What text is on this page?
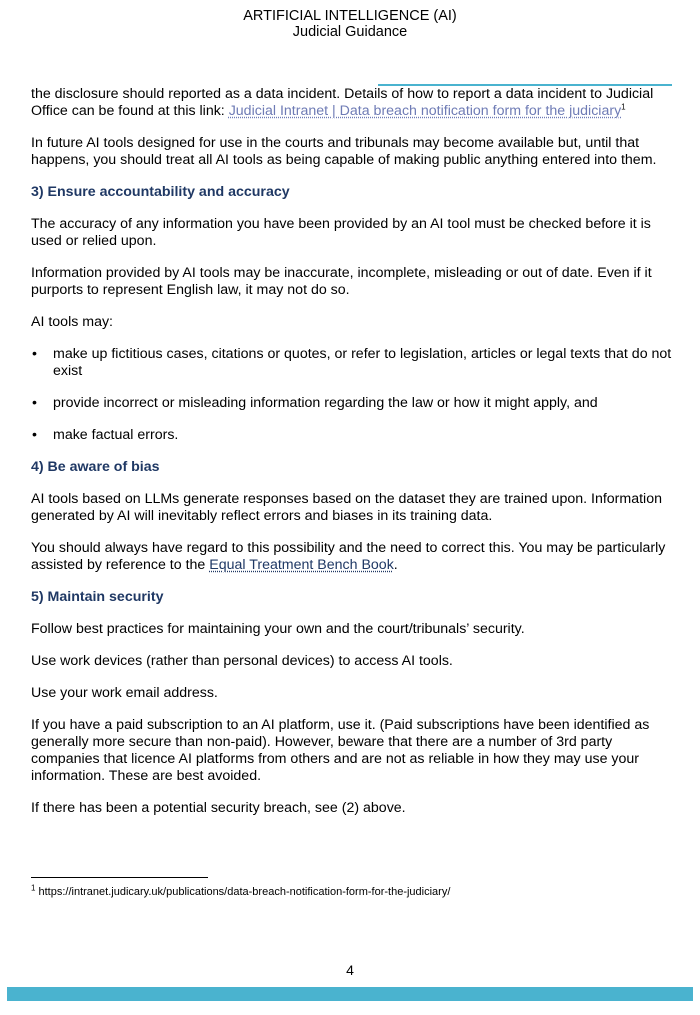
ARTIFICIAL INTELLIGENCE (AI)
Judicial Guidance

the disclosure should reported as a data incident. Details of how to report a data incident to Judicial Office can be found at this link: Judicial Intranet | Data breach notification form for the judiciary$^1$

In future AI tools designed for use in the courts and tribunals may become available but, until that happens, you should treat all AI tools as being capable of making public anything entered into them.

3) Ensure accountability and accuracy

The accuracy of any information you have been provided by an AI tool must be checked before it is used or relied upon.

Information provided by AI tools may be inaccurate, incomplete, misleading or out of date. Even if it purports to represent English law, it may not do so.

AI tools may:

• make up fictitious cases, citations or quotes, or refer to legislation, articles or legal texts that do not exist
• provide incorrect or misleading information regarding the law or how it might apply, and
• make factual errors.
4) Be aware of bias

AI tools based on LLMs generate responses based on the dataset they are trained upon. Information generated by AI will inevitably reflect errors and biases in its training data.

You should always have regard to this possibility and the need to correct this. You may be particularly assisted by reference to the Equal Treatment Bench Book.

5) Maintain security

Follow best practices for maintaining your own and the court/tribunals’ security.

Use work devices (rather than personal devices) to access AI tools.

Use your work email address.

If you have a paid subscription to an AI platform, use it. (Paid subscriptions have been identified as generally more secure than non-paid). However, beware that there are a number of 3rd party companies that licence AI platforms from others and are not as reliable in how they may use your information. These are best avoided.

If there has been a potential security breach, see (2) above.

$^1$ https://intranet.judicary.uk/publications/data-breach-notification-form-for-the-judiciary/
4
